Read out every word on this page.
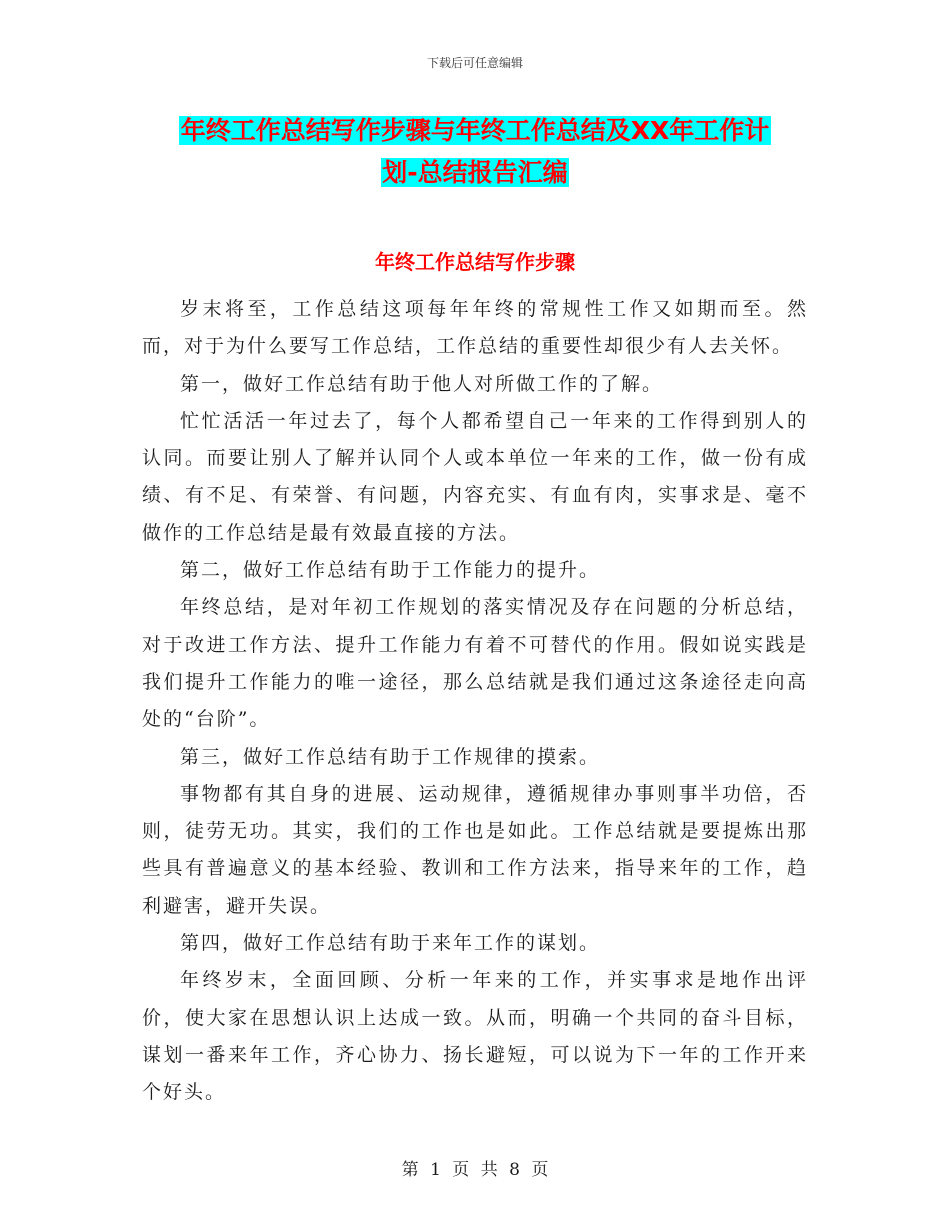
下载后可任意编辑
年终工作总结写作步骤与年终工作总结及XX年工作计
划-总结报告汇编
年终工作总结写作步骤

岁末将至，工作总结这项每年年终的常规性工作又如期而至。然而，对于为什么要写工作总结，工作总结的重要性却很少有人去关怀。

第一，做好工作总结有助于他人对所做工作的了解。

忙忙活活一年过去了，每个人都希望自己一年来的工作得到别人的认同。而要让别人了解并认同个人或本单位一年来的工作，做一份有成绩、有不足、有荣誉、有问题，内容充实、有血有肉，实事求是、毫不做作的工作总结是最有效最直接的方法。

第二，做好工作总结有助于工作能力的提升。

年终总结，是对年初工作规划的落实情况及存在问题的分析总结，对于改进工作方法、提升工作能力有着不可替代的作用。假如说实践是我们提升工作能力的唯一途径，那么总结就是我们通过这条途径走向高处的“台阶”。

第三，做好工作总结有助于工作规律的摸索。

事物都有其自身的进展、运动规律，遵循规律办事则事半功倍，否则，徒劳无功。其实，我们的工作也是如此。工作总结就是要提炼出那些具有普遍意义的基本经验、教训和工作方法来，指导来年的工作，趋利避害，避开失误。

第四，做好工作总结有助于来年工作的谋划。

年终岁末，全面回顾、分析一年来的工作，并实事求是地作出评价，使大家在思想认识上达成一致。从而，明确一个共同的奋斗目标，谋划一番来年工作，齐心协力、扬长避短，可以说为下一年的工作开来个好头。

第 1 页 共 8 页
